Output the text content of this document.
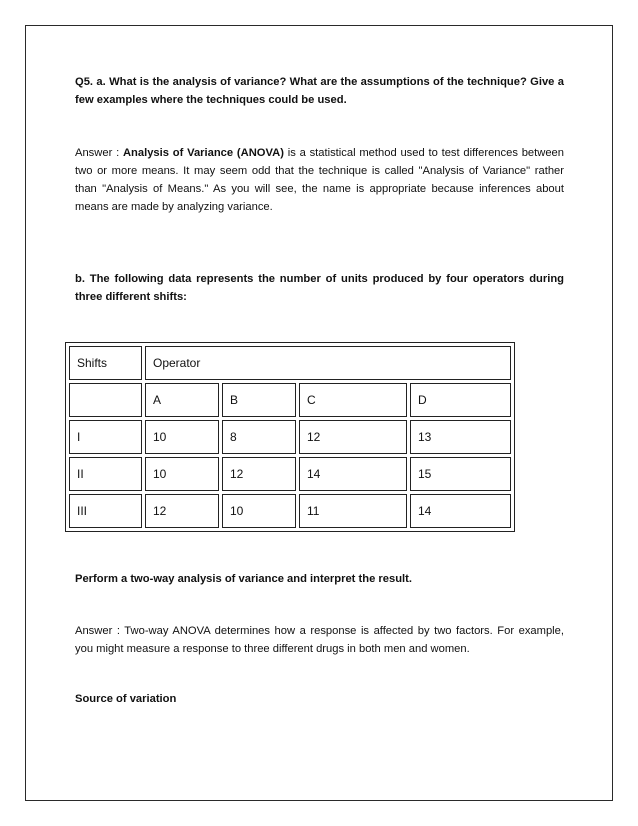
Q5. a. What is the analysis of variance? What are the assumptions of the technique? Give a few examples where the techniques could be used.
Answer : Analysis of Variance (ANOVA) is a statistical method used to test differences between two or more means. It may seem odd that the technique is called "Analysis of Variance" rather than "Analysis of Means." As you will see, the name is appropriate because inferences about means are made by analyzing variance.
b. The following data represents the number of units produced by four operators during three different shifts:
Shifts	Operator			
	A	B	C	D
I	10	8	12	13
II	10	12	14	15
III	12	10	11	14
Perform a two-way analysis of variance and interpret the result.
Answer : Two-way ANOVA determines how a response is affected by two factors. For example, you might measure a response to three different drugs in both men and women.
Source of variation
